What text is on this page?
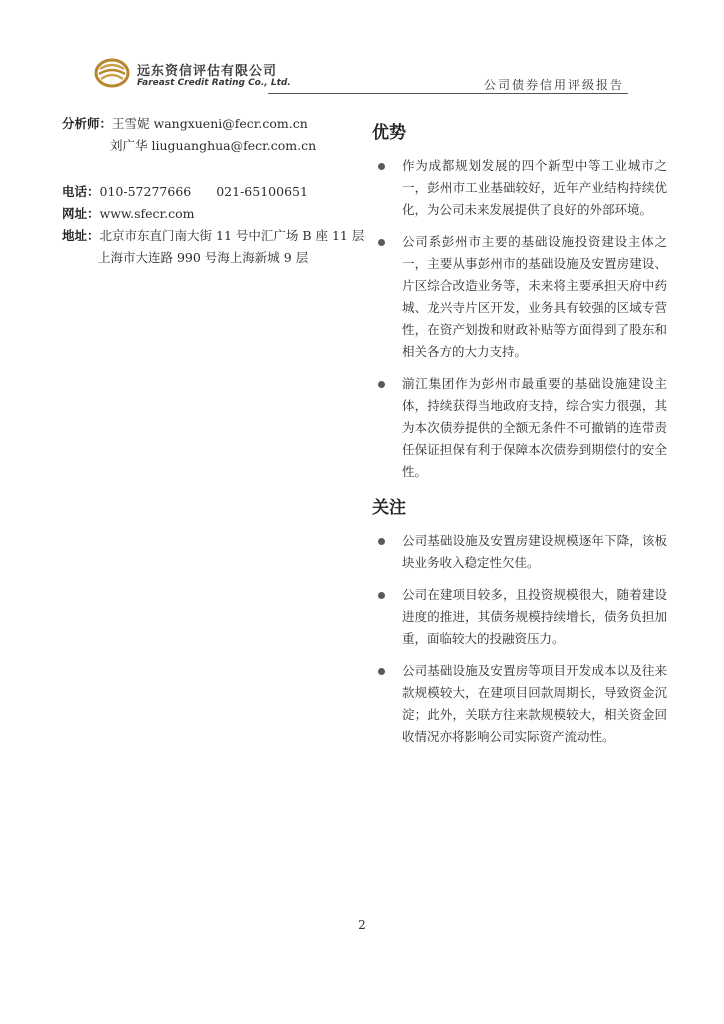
远东资信评估有限公司
Fareast Credit Rating Co., Ltd.	公司债券信用评级报告
分析师：王雪妮 wangxueni@fecr.com.cn
刘广华 liuguanghua@fecr.com.cn
电话：010-57277666　　021-65100651
网址：www.sfecr.com
地址：北京市东直门南大街 11 号中汇广场 B 座 11 层
上海市大连路 990 号海上海新城 9 层
优势
作为成都规划发展的四个新型中等工业城市之一，彭州市工业基础较好，近年产业结构持续优化，为公司未来发展提供了良好的外部环境。
公司系彭州市主要的基础设施投资建设主体之一，主要从事彭州市的基础设施及安置房建设、片区综合改造业务等，未来将主要承担天府中药城、龙兴寺片区开发，业务具有较强的区域专营性，在资产划拨和财政补贴等方面得到了股东和相关各方的大力支持。
湔江集团作为彭州市最重要的基础设施建设主体，持续获得当地政府支持，综合实力很强，其为本次债券提供的全额无条件不可撤销的连带责任保证担保有利于保障本次债券到期偿付的安全性。
关注
公司基础设施及安置房建设规模逐年下降，该板块业务收入稳定性欠佳。
公司在建项目较多，且投资规模很大，随着建设进度的推进，其债务规模持续增长，债务负担加重，面临较大的投融资压力。
公司基础设施及安置房等项目开发成本以及往来款规模较大，在建项目回款周期长，导致资金沉淀；此外，关联方往来款规模较大，相关资金回收情况亦将影响公司实际资产流动性。
2
